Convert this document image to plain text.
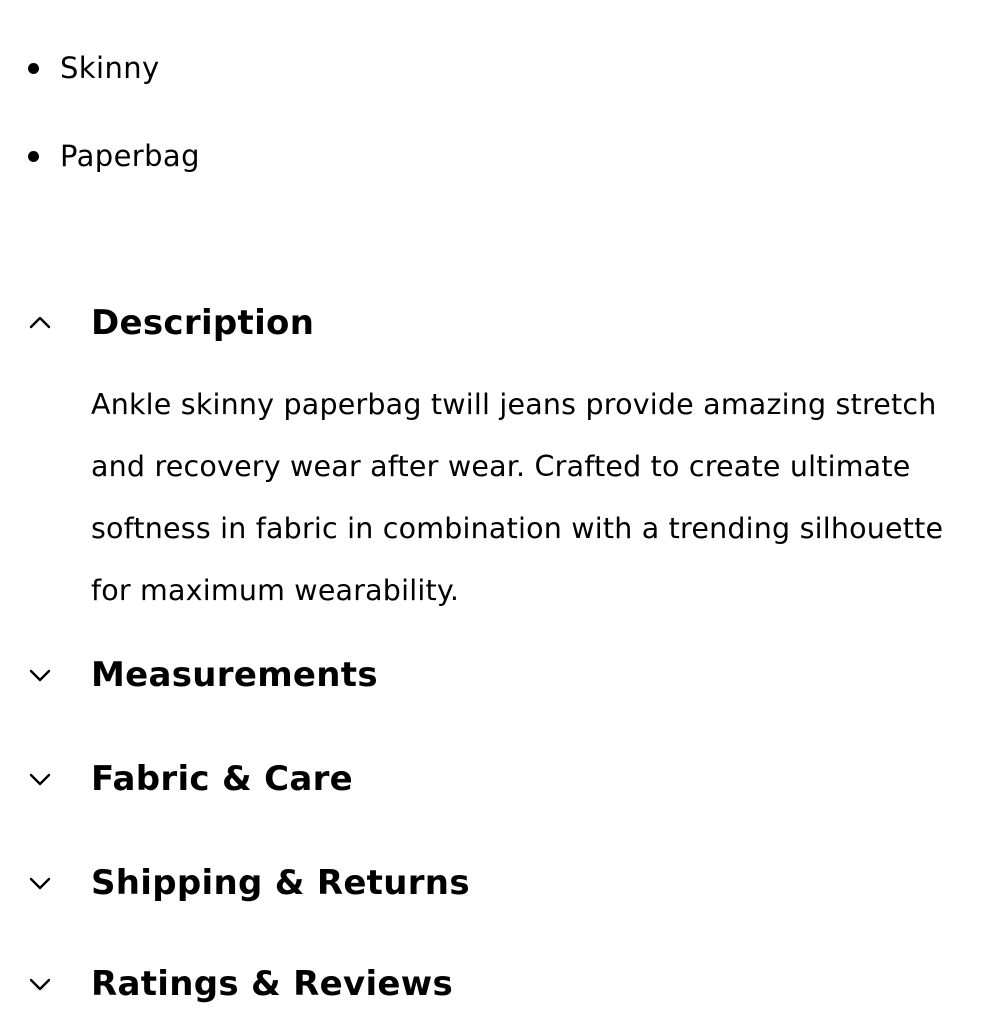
Skinny
Paperbag
Description
Ankle skinny paperbag twill jeans provide amazing stretch and recovery wear after wear. Crafted to create ultimate softness in fabric in combination with a trending silhouette for maximum wearability.
Measurements
Fabric & Care
Shipping & Returns
Ratings & Reviews
